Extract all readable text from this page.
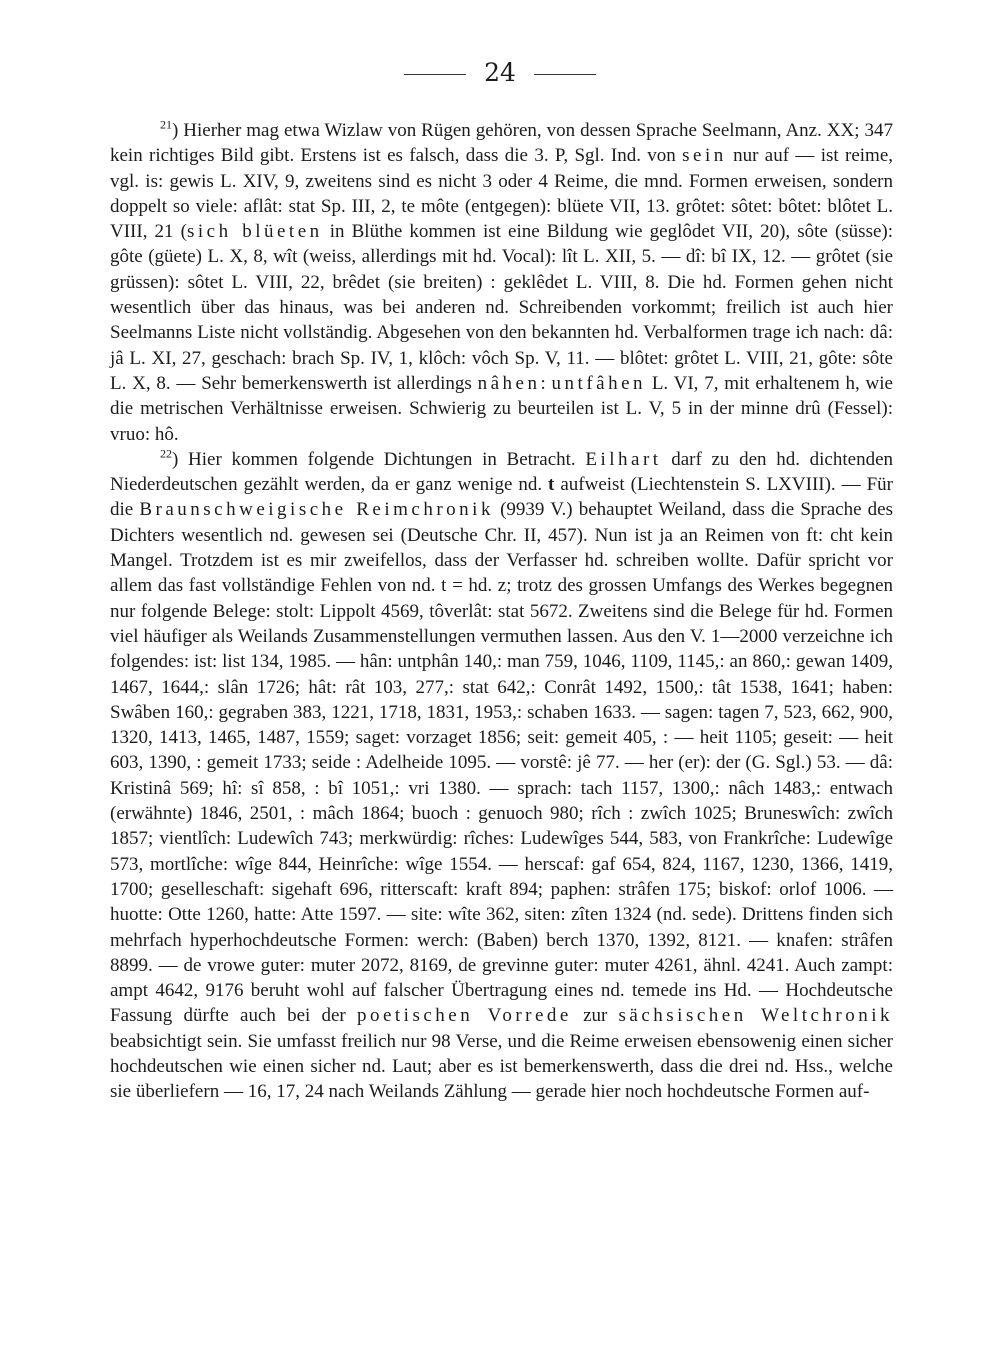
24

$^{21}$) Hierher mag etwa Wizlaw von Rügen gehören, von dessen Sprache Seelmann, Anz. XX; 347 kein richtiges Bild gibt. Erstens ist es falsch, dass die 3. P, Sgl. Ind. von sein nur auf — ist reime, vgl. is: gewis L. XIV, 9, zweitens sind es nicht 3 oder 4 Reime, die mnd. Formen erweisen, sondern doppelt so viele: aflât: stat Sp. III, 2, te môte (entgegen): blüete VII, 13. grôtet: sôtet: bôtet: blôtet L. VIII, 21 (sich blüeten in Blüthe kommen ist eine Bildung wie geglôdet VII, 20), sôte (süsse): gôte (güete) L. X, 8, wît (weiss, allerdings mit hd. Vocal): lît L. XII, 5. — dî: bî IX, 12. — grôtet (sie grüssen): sôtet L. VIII, 22, brêdet (sie breiten) : geklêdet L. VIII, 8. Die hd. Formen gehen nicht wesentlich über das hinaus, was bei anderen nd. Schreibenden vorkommt; freilich ist auch hier Seelmanns Liste nicht vollständig. Abgesehen von den bekannten hd. Verbalformen trage ich nach: dâ: jâ L. XI, 27, geschach: brach Sp. IV, 1, klôch: vôch Sp. V, 11. — blôtet: grôtet L. VIII, 21, gôte: sôte L. X, 8. — Sehr bemerkenswerth ist allerdings nâhen: untfâhen L. VI, 7, mit erhaltenem h, wie die metrischen Verhältnisse erweisen. Schwierig zu beurteilen ist L. V, 5 in der minne drû (Fessel): vruo: hô.

$^{22}$) Hier kommen folgende Dichtungen in Betracht. Eilhart darf zu den hd. dichtenden Niederdeutschen gezählt werden, da er ganz wenige nd. t aufweist (Liechtenstein S. LXVIII). — Für die Braunschweigische Reimchronik (9939 V.) behauptet Weiland, dass die Sprache des Dichters wesentlich nd. gewesen sei (Deutsche Chr. II, 457). Nun ist ja an Reimen von ft: cht kein Mangel. Trotzdem ist es mir zweifellos, dass der Verfasser hd. schreiben wollte. Dafür spricht vor allem das fast vollständige Fehlen von nd. t = hd. z; trotz des grossen Umfangs des Werkes begegnen nur folgende Belege: stolt: Lippolt 4569, tôverlât: stat 5672. Zweitens sind die Belege für hd. Formen viel häufiger als Weilands Zusammenstellungen vermuthen lassen. Aus den V. 1—2000 verzeichne ich folgendes: ist: list 134, 1985. — hân: untphân 140,: man 759, 1046, 1109, 1145,: an 860,: gewan 1409, 1467, 1644,: slân 1726; hât: rât 103, 277,: stat 642,: Conrât 1492, 1500,: tât 1538, 1641; haben: Swâben 160,: gegraben 383, 1221, 1718, 1831, 1953,: schaben 1633. — sagen: tagen 7, 523, 662, 900, 1320, 1413, 1465, 1487, 1559; saget: vorzaget 1856; seit: gemeit 405, : — heit 1105; geseit: — heit 603, 1390, : gemeit 1733; seide : Adelheide 1095. — vorstê: jê 77. — her (er): der (G. Sgl.) 53. — dâ: Kristinâ 569; hî: sî 858, : bî 1051,: vri 1380. — sprach: tach 1157, 1300,: nâch 1483,: entwach (erwähnte) 1846, 2501, : mâch 1864; buoch : genuoch 980; rîch : zwîch 1025; Bruneswîch: zwîch 1857; vientlîch: Ludewîch 743; merkwürdig: rîches: Ludewîges 544, 583, von Frankrîche: Ludewîge 573, mortlîche: wîge 844, Heinrîche: wîge 1554. — herscaf: gaf 654, 824, 1167, 1230, 1366, 1419, 1700; geselleschaft: sigehaft 696, ritterscaft: kraft 894; paphen: strâfen 175; biskof: orlof 1006. — huotte: Otte 1260, hatte: Atte 1597. — site: wîte 362, siten: zîten 1324 (nd. sede). Drittens finden sich mehrfach hyperhochdeutsche Formen: werch: (Baben) berch 1370, 1392, 8121. — knafen: strâfen 8899. — de vrowe guter: muter 2072, 8169, de grevinne guter: muter 4261, ähnl. 4241. Auch zampt: ampt 4642, 9176 beruht wohl auf falscher Übertragung eines nd. temede ins Hd. — Hochdeutsche Fassung dürfte auch bei der poetischen Vorrede zur sächsischen Weltchronik beabsichtigt sein. Sie umfasst freilich nur 98 Verse, und die Reime erweisen ebensowenig einen sicher hochdeutschen wie einen sicher nd. Laut; aber es ist bemerkenswerth, dass die drei nd. Hss., welche sie überliefern — 16, 17, 24 nach Weilands Zählung — gerade hier noch hochdeutsche Formen auf-
